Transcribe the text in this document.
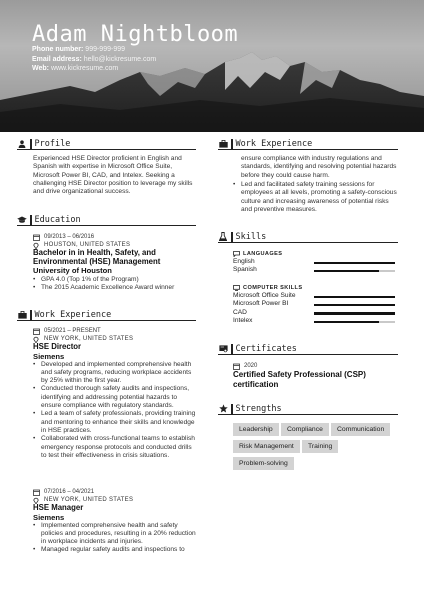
Adam Nightbloom
Phone number: 999-999-999
Email address: hello@kickresume.com
Web: www.kickresume.com
Profile
Experienced HSE Director proficient in English and Spanish with expertise in Microsoft Office Suite, Microsoft Power BI, CAD, and Intelex. Seeking a challenging HSE Director position to leverage my skills and drive organizational success.
Education
09/2013 – 06/2016
HOUSTON, UNITED STATES
Bachelor in in Health, Safety, and Environmental (HSE) Management
University of Houston
• GPA 4.0 (Top 1% of the Program)
• The 2015 Academic Excellence Award winner
Work Experience
05/2021 – PRESENT
NEW YORK, UNITED STATES
HSE Director
Siemens
• Developed and implemented comprehensive health and safety programs, reducing workplace accidents by 25% within the first year.
• Conducted thorough safety audits and inspections, identifying and addressing potential hazards to ensure compliance with regulatory standards.
• Led a team of safety professionals, providing training and mentoring to enhance their skills and knowledge in HSE practices.
• Collaborated with cross-functional teams to establish emergency response protocols and conducted drills to test their effectiveness in crisis situations.
07/2016 – 04/2021
NEW YORK, UNITED STATES
HSE Manager
Siemens
• Implemented comprehensive health and safety policies and procedures, resulting in a 20% reduction in workplace incidents and injuries.
• Managed regular safety audits and inspections to
Work Experience
ensure compliance with industry regulations and standards, identifying and resolving potential hazards before they could cause harm.
• Led and facilitated safety training sessions for employees at all levels, promoting a safety-conscious culture and increasing awareness of potential risks and preventive measures.
Skills
LANGUAGES
English
Spanish
COMPUTER SKILLS
Microsoft Office Suite
Microsoft Power BI
CAD
Intelex
Certificates
2020
Certified Safety Professional (CSP) certification
Strengths
Leadership	Compliance	Communication
Risk Management	Training
Problem-solving
